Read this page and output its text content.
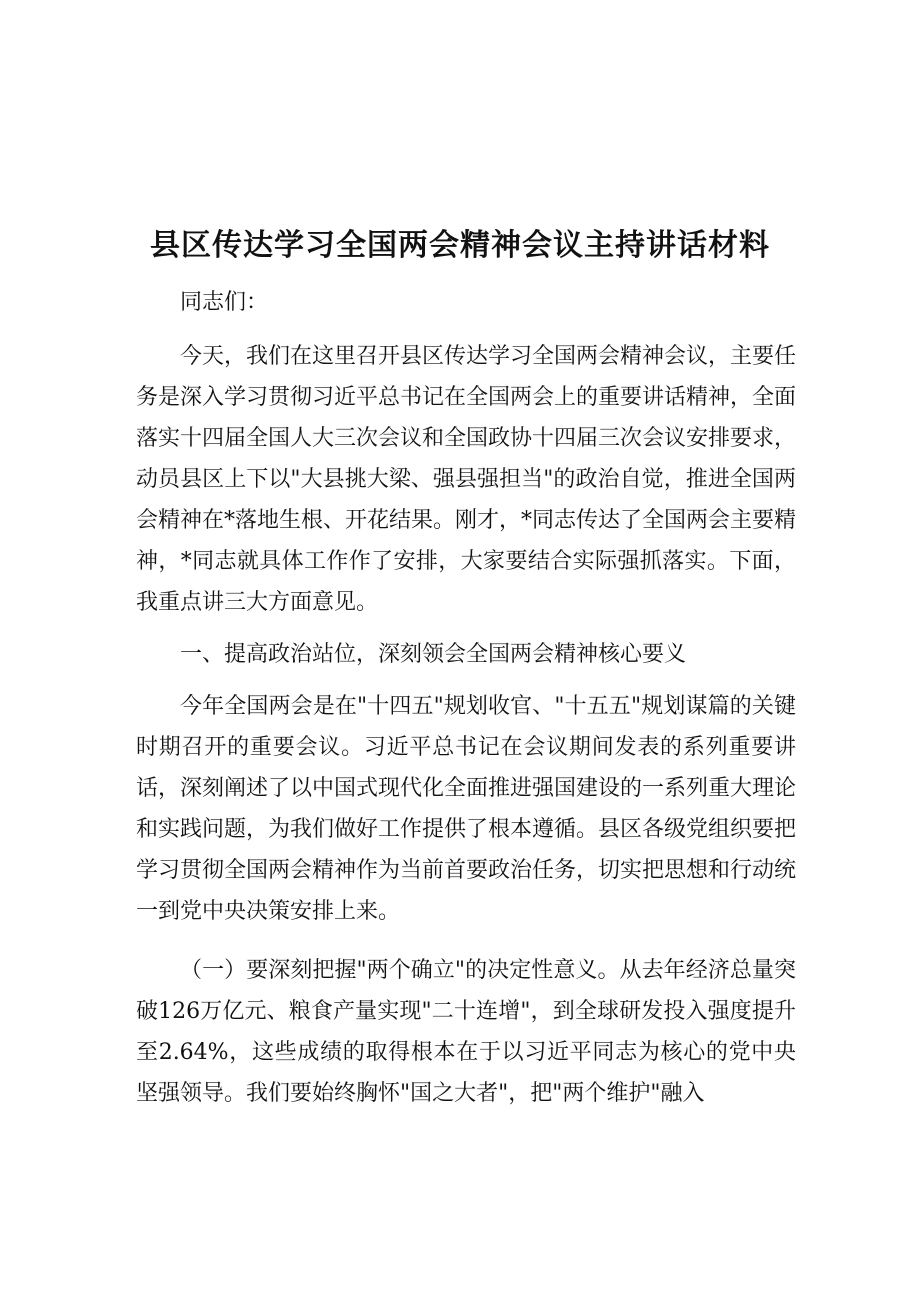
县区传达学习全国两会精神会议主持讲话材料

同志们：

今天，我们在这里召开县区传达学习全国两会精神会议，主要任务是深入学习贯彻习近平总书记在全国两会上的重要讲话精神，全面落实十四届全国人大三次会议和全国政协十四届三次会议安排要求，动员县区上下以"大县挑大梁、强县强担当"的政治自觉，推进全国两会精神在*落地生根、开花结果。刚才，*同志传达了全国两会主要精神，*同志就具体工作作了安排，大家要结合实际强抓落实。下面，我重点讲三大方面意见。

一、提高政治站位，深刻领会全国两会精神核心要义

今年全国两会是在"十四五"规划收官、"十五五"规划谋篇的关键时期召开的重要会议。习近平总书记在会议期间发表的系列重要讲话，深刻阐述了以中国式现代化全面推进强国建设的一系列重大理论和实践问题，为我们做好工作提供了根本遵循。县区各级党组织要把学习贯彻全国两会精神作为当前首要政治任务，切实把思想和行动统一到党中央决策安排上来。

（一）要深刻把握"两个确立"的决定性意义。从去年经济总量突破126万亿元、粮食产量实现"二十连增"，到全球研发投入强度提升至2.64%，这些成绩的取得根本在于以习近平同志为核心的党中央坚强领导。我们要始终胸怀"国之大者"，把"两个维护"融入
